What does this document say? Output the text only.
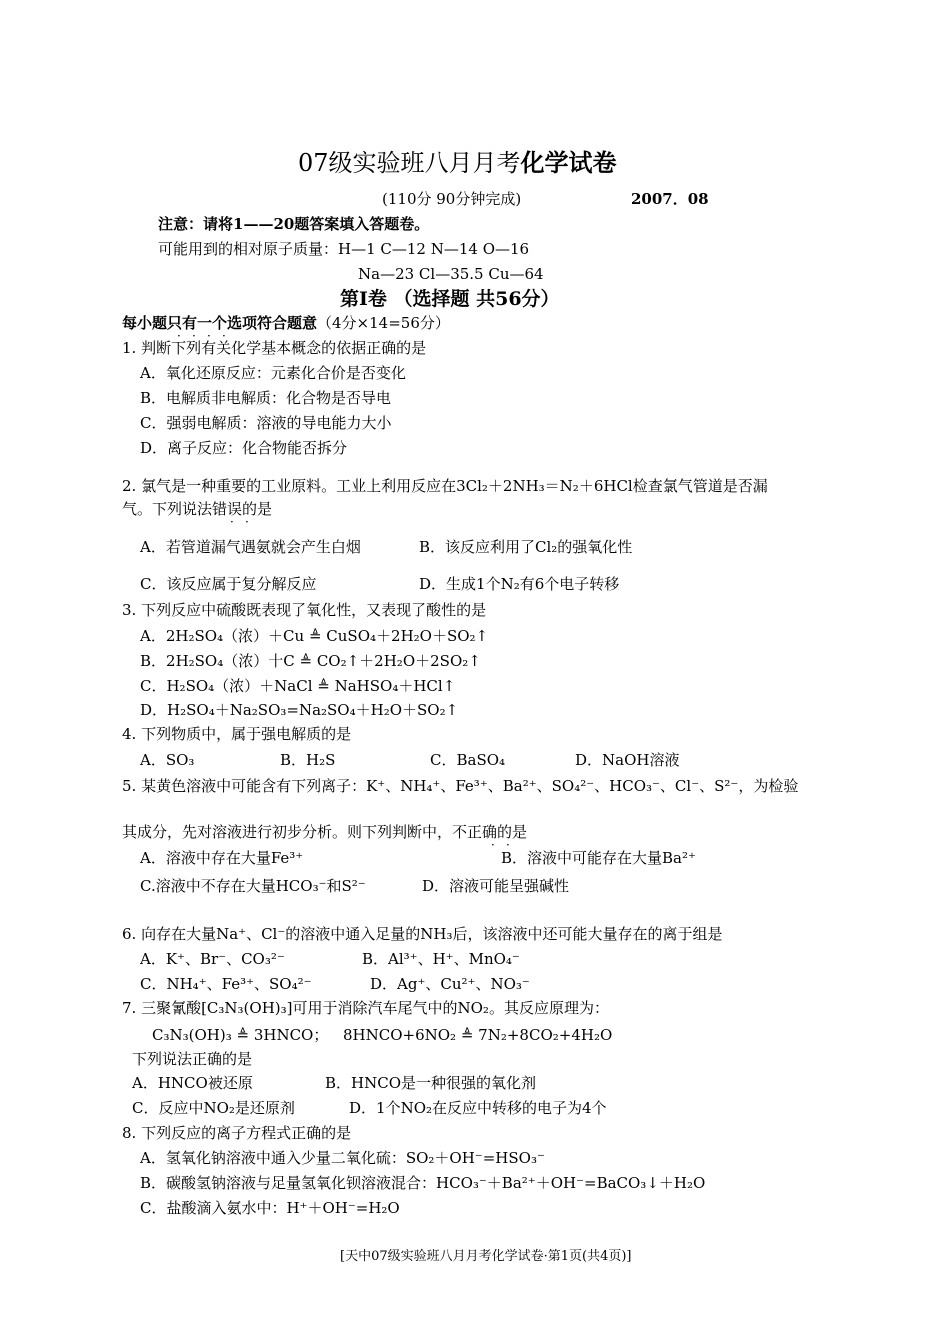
07级实验班八月月考化学试卷
(110分 90分钟完成)	2007．08
注意：请将1——20题答案填入答题卷。
可能用到的相对原子质量：H—1 C—12 N—14 O—16
Na—23 Cl—35.5 Cu—64
第Ⅰ卷 （选择题 共56分）
每小题只有一个选项符合题意（4分×14=56分）
· · · ·
1. 判断下列有关化学基本概念的依据正确的是
A．氧化还原反应：元素化合价是否变化
B．电解质非电解质：化合物是否导电
C．强弱电解质：溶液的导电能力大小
D．离子反应：化合物能否拆分
2. 氯气是一种重要的工业原料。工业上利用反应在3Cl₂＋2NH₃＝N₂＋6HCl检查氯气管道是否漏
气。下列说法错误的是
· ·
A．若管道漏气遇氨就会产生白烟	B．该反应利用了Cl₂的强氧化性
C．该反应属于复分解反应	D．生成1个N₂有6个电子转移
3. 下列反应中硫酸既表现了氧化性，又表现了酸性的是
A．2H₂SO₄（浓）＋Cu ≜ CuSO₄＋2H₂O＋SO₂↑
B．2H₂SO₄（浓）十C ≜ CO₂↑＋2H₂O＋2SO₂↑
C．H₂SO₄（浓）＋NaCl ≜ NaHSO₄＋HCl↑
D．H₂SO₄＋Na₂SO₃=Na₂SO₄＋H₂O＋SO₂↑
4. 下列物质中，属于强电解质的是
A．SO₃	B．H₂S	C．BaSO₄	D．NaOH溶液
5. 某黄色溶液中可能含有下列离子：K⁺、NH₄⁺、Fe³⁺、Ba²⁺、SO₄²⁻、HCO₃⁻、Cl⁻、S²⁻，为检验
其成分，先对溶液进行初步分析。则下列判断中，不正确的是
· ·
A．溶液中存在大量Fe³⁺	B．溶液中可能存在大量Ba²⁺
C.溶液中不存在大量HCO₃⁻和S²⁻	D．溶液可能呈强碱性
6. 向存在大量Na⁺、Cl⁻的溶液中通入足量的NH₃后，该溶液中还可能大量存在的离于组是
A．K⁺、Br⁻、CO₃²⁻	B．Al³⁺、H⁺、MnO₄⁻
C．NH₄⁺、Fe³⁺、SO₄²⁻	D．Ag⁺、Cu²⁺、NO₃⁻
7. 三聚氰酸[C₃N₃(OH)₃]可用于消除汽车尾气中的NO₂。其反应原理为：
C₃N₃(OH)₃ ≜ 3HNCO； 8HNCO+6NO₂ ≜ 7N₂+8CO₂+4H₂O
下列说法正确的是
A．HNCO被还原	B．HNCO是一种很强的氧化剂
C．反应中NO₂是还原剂	D．1个NO₂在反应中转移的电子为4个
8. 下列反应的离子方程式正确的是
A．氢氧化钠溶液中通入少量二氧化硫：SO₂＋OH⁻=HSO₃⁻
B．碳酸氢钠溶液与足量氢氧化钡溶液混合：HCO₃⁻＋Ba²⁺＋OH⁻=BaCO₃↓＋H₂O
C．盐酸滴入氨水中：H⁺＋OH⁻=H₂O
[天中07级实验班八月月考化学试卷·第1页(共4页)]
